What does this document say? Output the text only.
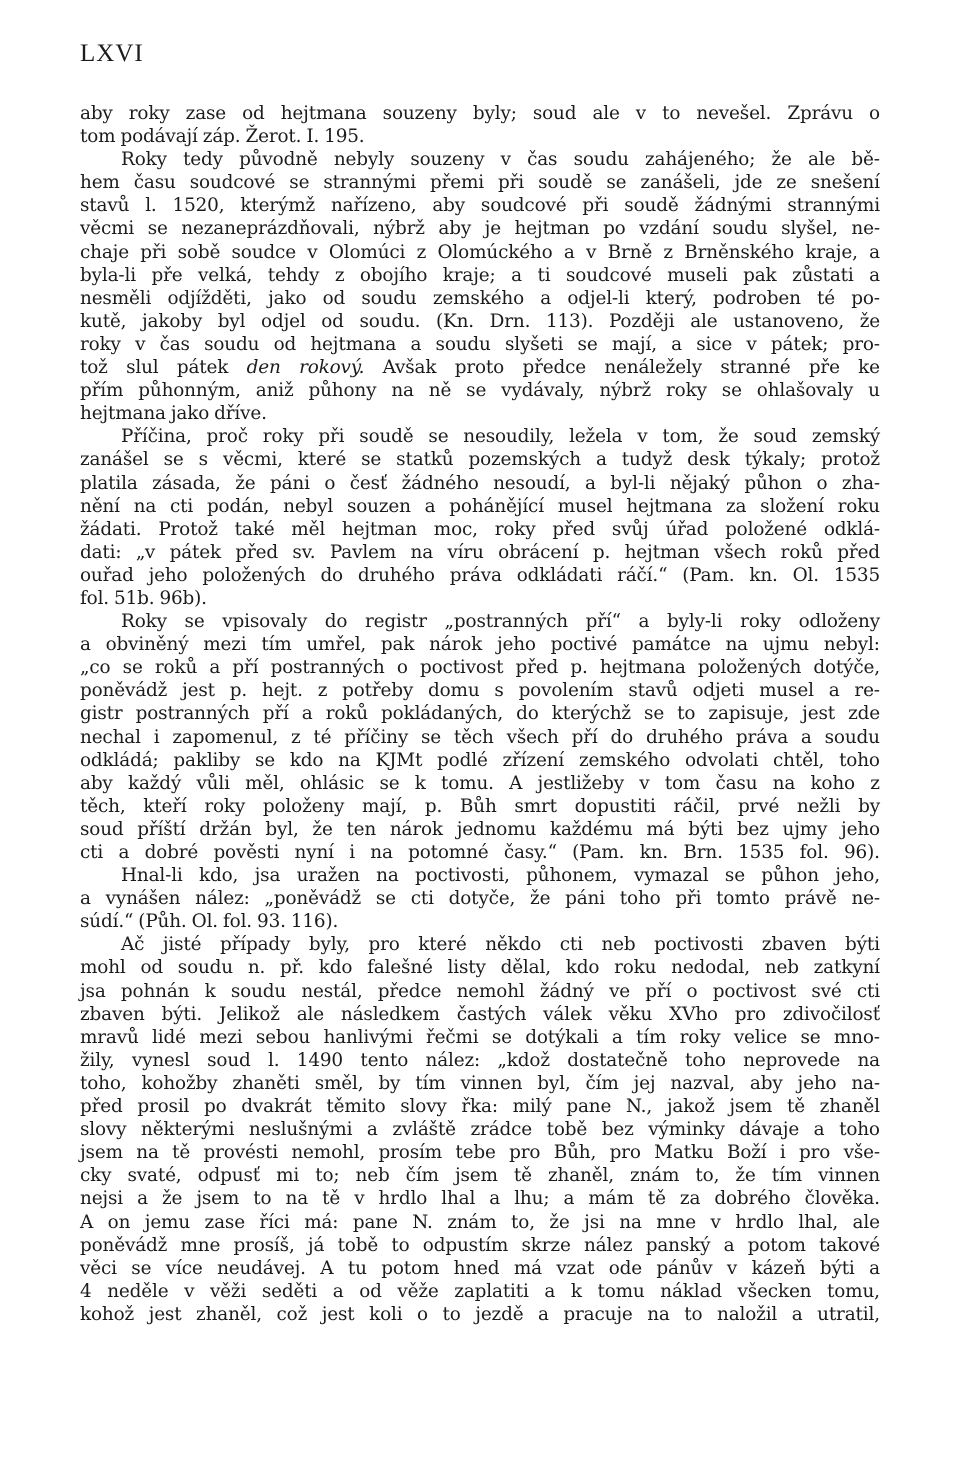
LXVI
aby roky zase od hejtmana souzeny byly; soud ale v to nevešel. Zprávu o
tom podávají záp. Žerot. I. 195.
Roky tedy původně nebyly souzeny v čas soudu zahájeného; že ale bě-
hem času soudcové se strannými přemi při soudě se zanášeli, jde ze snešení
stavů l. 1520, kterýmž nařízeno, aby soudcové při soudě žádnými strannými
věcmi se nezaneprázdňovali, nýbrž aby je hejtman po vzdání soudu slyšel, ne-
chaje při sobě soudce v Olomúci z Olomúckého a v Brně z Brněnského kraje, a
byla-li pře velká, tehdy z obojího kraje; a ti soudcové museli pak zůstati a
nesměli odjížděti, jako od soudu zemského a odjel-li který, podroben té po-
kutě, jakoby byl odjel od soudu. (Kn. Drn. 113). Později ale ustanoveno, že
roky v čas soudu od hejtmana a soudu slyšeti se mají, a sice v pátek; pro-
tož slul pátek den rokový. Avšak proto předce nenáležely stranné pře ke
přím půhonným, aniž půhony na ně se vydávaly, nýbrž roky se ohlašovaly u
hejtmana jako dříve.
Příčina, proč roky při soudě se nesoudily, ležela v tom, že soud zemský
zanášel se s věcmi, které se statků pozemských a tudyž desk týkaly; protož
platila zásada, že páni o česť žádného nesoudí, a byl-li nějaký půhon o zha-
nění na cti podán, nebyl souzen a pohánějící musel hejtmana za složení roku
žádati. Protož také měl hejtman moc, roky před svůj úřad položené odklá-
dati: „v pátek před sv. Pavlem na víru obrácení p. hejtman všech roků před
ouřad jeho položených do druhého práva odkládati ráčí.“ (Pam. kn. Ol. 1535
fol. 51b. 96b).
Roky se vpisovaly do registr „postranných pří“ a byly-li roky odloženy
a obviněný mezi tím umřel, pak nárok jeho poctivé památce na ujmu nebyl:
„co se roků a pří postranných o poctivost před p. hejtmana položených dotýče,
poněvádž jest p. hejt. z potřeby domu s povolením stavů odjeti musel a re-
gistr postranných pří a roků pokládaných, do kterýchž se to zapisuje, jest zde
nechal i zapomenul, z té příčiny se těch všech pří do druhého práva a soudu
odkládá; pakliby se kdo na KJMt podlé zřízení zemského odvolati chtěl, toho
aby každý vůli měl, ohlásic se k tomu. A jestližeby v tom času na koho z
těch, kteří roky položeny mají, p. Bůh smrt dopustiti ráčil, prvé nežli by
soud příští držán byl, že ten nárok jednomu každému má býti bez ujmy jeho
cti a dobré pověsti nyní i na potomné časy.“ (Pam. kn. Brn. 1535 fol. 96).
Hnal-li kdo, jsa uražen na poctivosti, půhonem, vymazal se půhon jeho,
a vynášen nález: „poněvádž se cti dotyče, že páni toho při tomto právě ne-
súdí.“ (Půh. Ol. fol. 93. 116).
Ač jisté případy byly, pro které někdo cti neb poctivosti zbaven býti
mohl od soudu n. př. kdo falešné listy dělal, kdo roku nedodal, neb zatkyní
jsa pohnán k soudu nestál, předce nemohl žádný ve pří o poctivost své cti
zbaven býti. Jelikož ale následkem častých válek věku XVho pro zdivočilosť
mravů lidé mezi sebou hanlivými řečmi se dotýkali a tím roky velice se mno-
žily, vynesl soud l. 1490 tento nález: „kdož dostatečně toho neprovede na
toho, kohožby zhaněti směl, by tím vinnen byl, čím jej nazval, aby jeho na-
před prosil po dvakrát těmito slovy řka: milý pane N., jakož jsem tě zhaněl
slovy některými neslušnými a zvláště zrádce tobě bez výminky dávaje a toho
jsem na tě provésti nemohl, prosím tebe pro Bůh, pro Matku Boží i pro vše-
cky svaté, odpusť mi to; neb čím jsem tě zhaněl, znám to, že tím vinnen
nejsi a že jsem to na tě v hrdlo lhal a lhu; a mám tě za dobrého člověka.
A on jemu zase říci má: pane N. znám to, že jsi na mne v hrdlo lhal, ale
poněvádž mne prosíš, já tobě to odpustím skrze nález panský a potom takové
věci se více neudávej. A tu potom hned má vzat ode pánův v kázeň býti a
4 neděle v věži seděti a od věže zaplatiti a k tomu náklad všecken tomu,
kohož jest zhaněl, což jest koli o to jezdě a pracuje na to naložil a utratil,
